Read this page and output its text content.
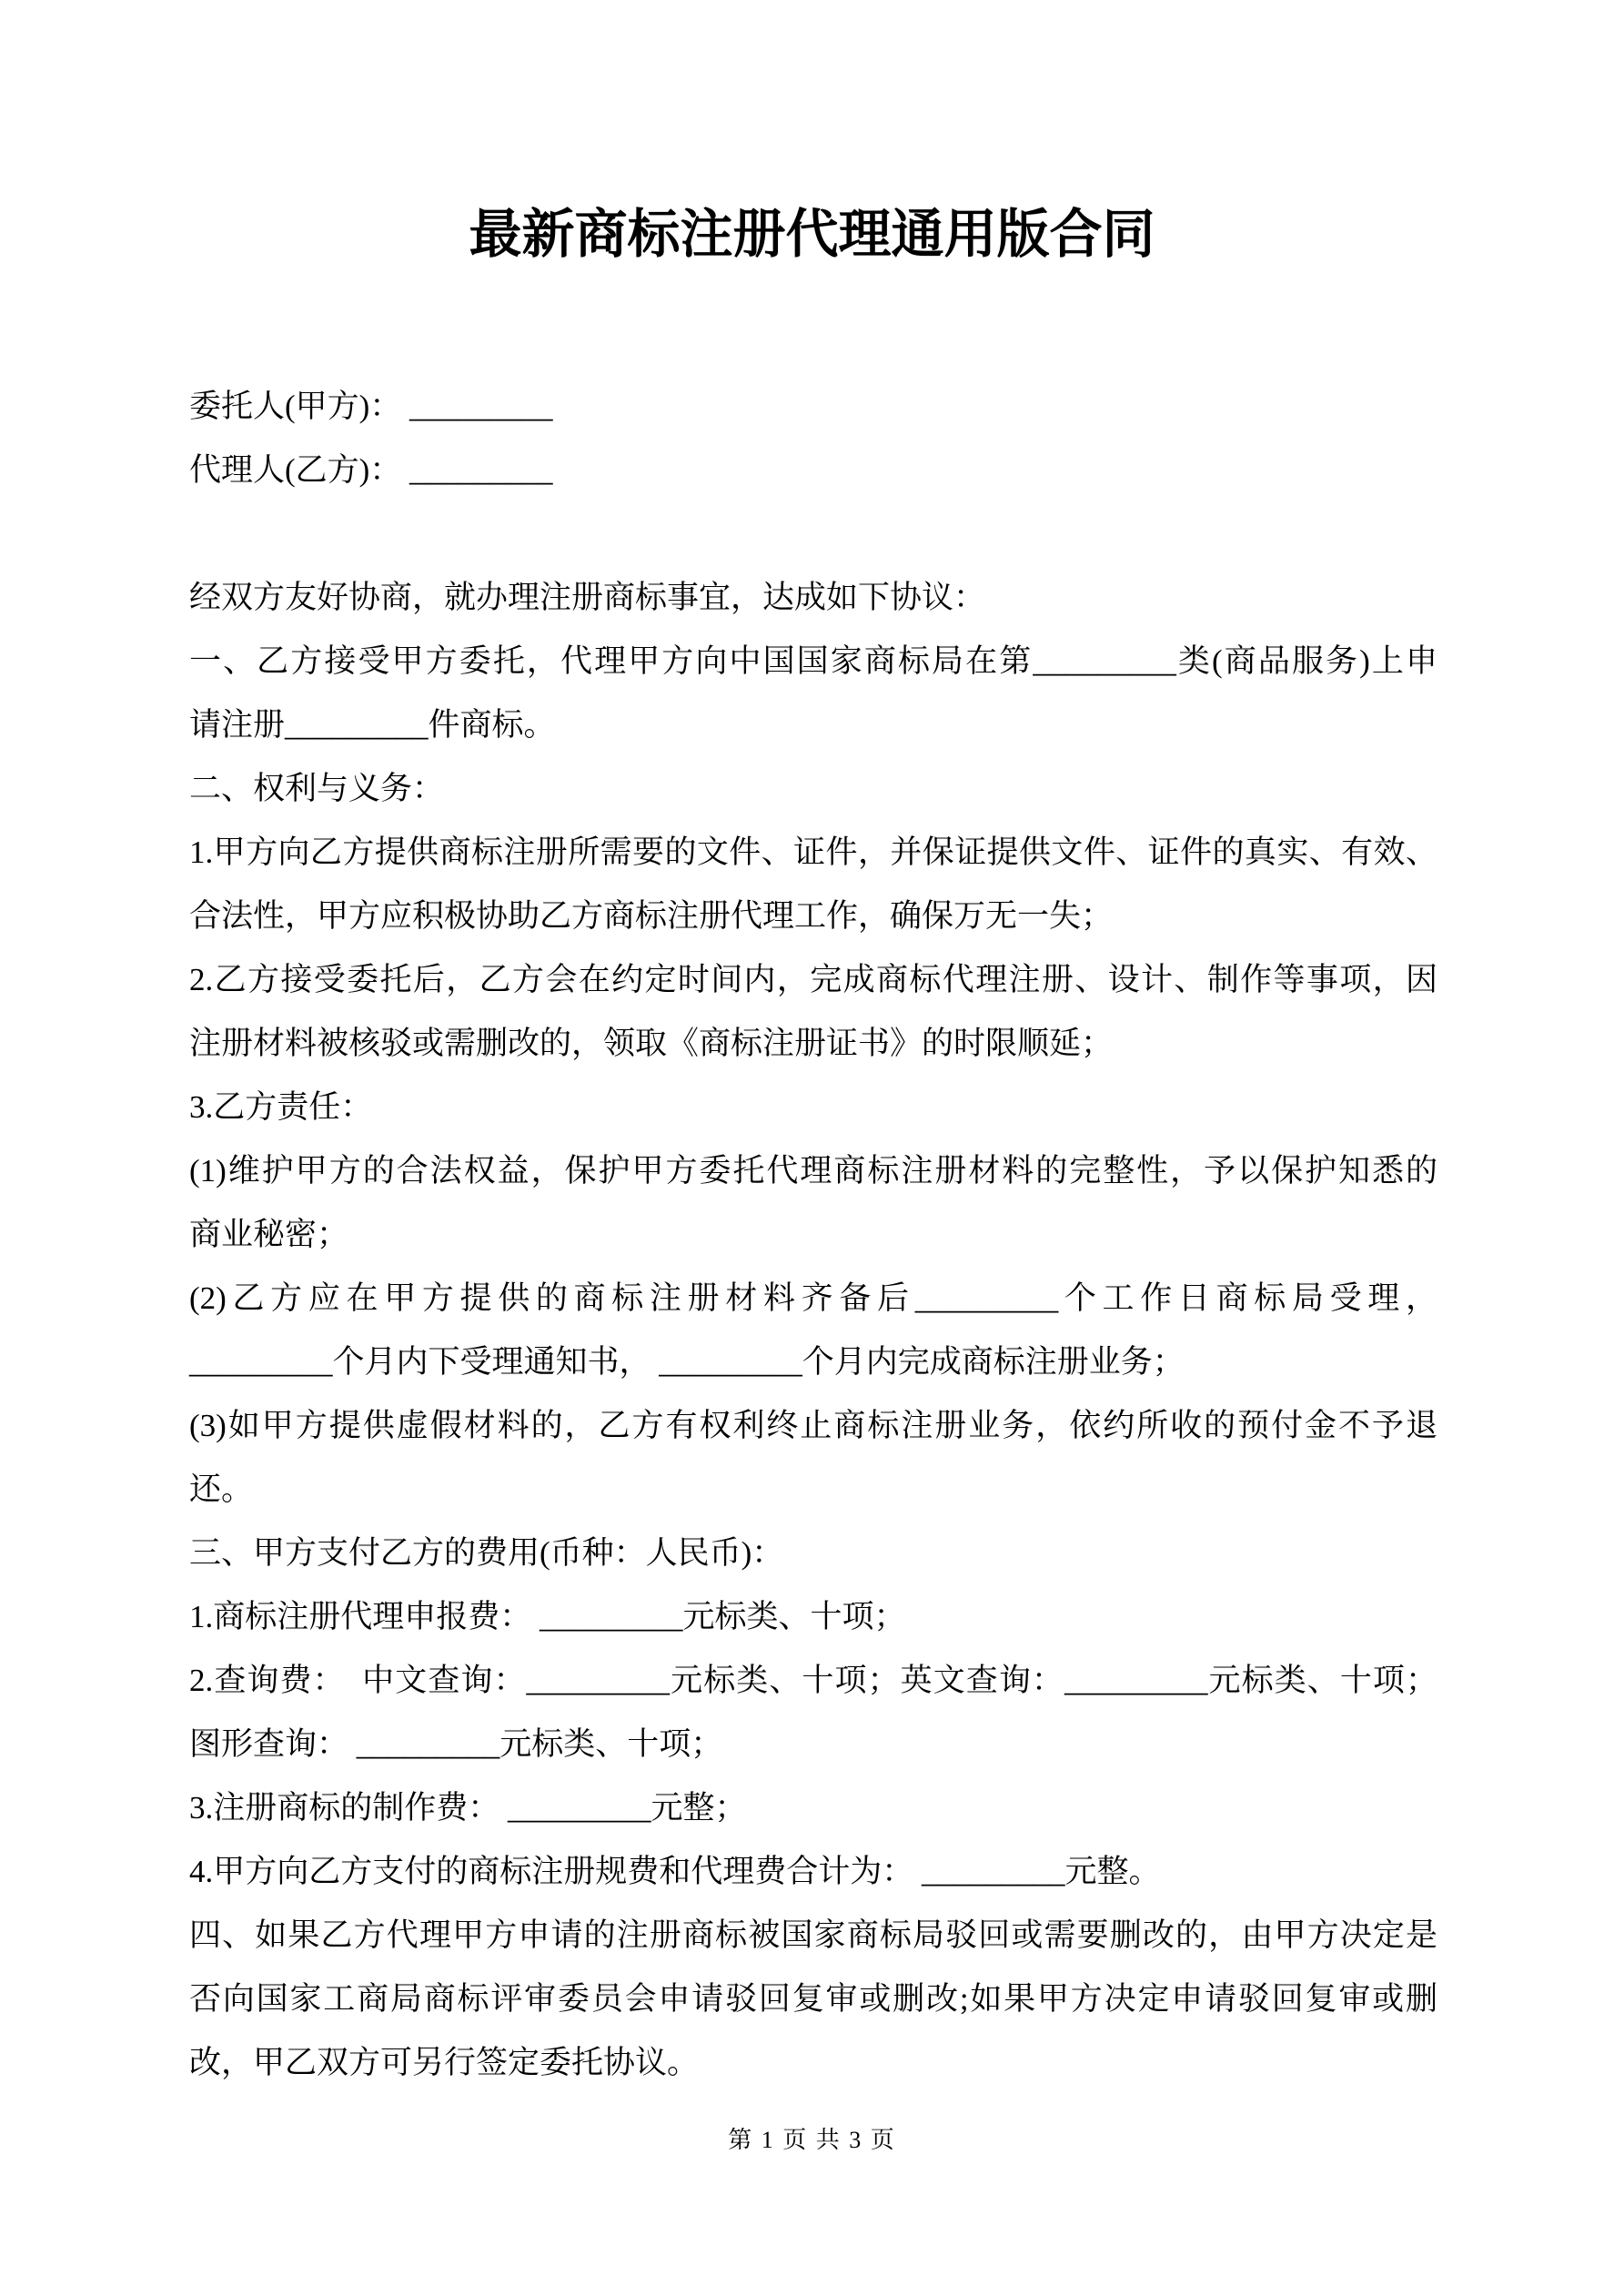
最新商标注册代理通用版合同
委托人(甲方)： _________
代理人(乙方)： _________
经双方友好协商，就办理注册商标事宜，达成如下协议：
一、乙方接受甲方委托，代理甲方向中国国家商标局在第_________类(商品服务)上申
请注册_________件商标。
二、权利与义务：
1.甲方向乙方提供商标注册所需要的文件、证件，并保证提供文件、证件的真实、有效、
合法性，甲方应积极协助乙方商标注册代理工作，确保万无一失；
2.乙方接受委托后，乙方会在约定时间内，完成商标代理注册、设计、制作等事项，因
注册材料被核驳或需删改的，领取《商标注册证书》的时限顺延；
3.乙方责任：
(1)维护甲方的合法权益，保护甲方委托代理商标注册材料的完整性，予以保护知悉的
商业秘密；
(2)乙方应在甲方提供的商标注册材料齐备后_________个工作日商标局受理，
_________个月内下受理通知书， _________个月内完成商标注册业务；
(3)如甲方提供虚假材料的，乙方有权利终止商标注册业务，依约所收的预付金不予退
还。
三、甲方支付乙方的费用(币种：人民币)：
1.商标注册代理申报费： _________元标类、十项；
2.查询费：　中文查询：_________元标类、十项；英文查询：_________元标类、十项；
图形查询： _________元标类、十项；
3.注册商标的制作费： _________元整；
4.甲方向乙方支付的商标注册规费和代理费合计为： _________元整。
四、如果乙方代理甲方申请的注册商标被国家商标局驳回或需要删改的，由甲方决定是
否向国家工商局商标评审委员会申请驳回复审或删改;如果甲方决定申请驳回复审或删
改，甲乙双方可另行签定委托协议。
第 1 页 共 3 页
